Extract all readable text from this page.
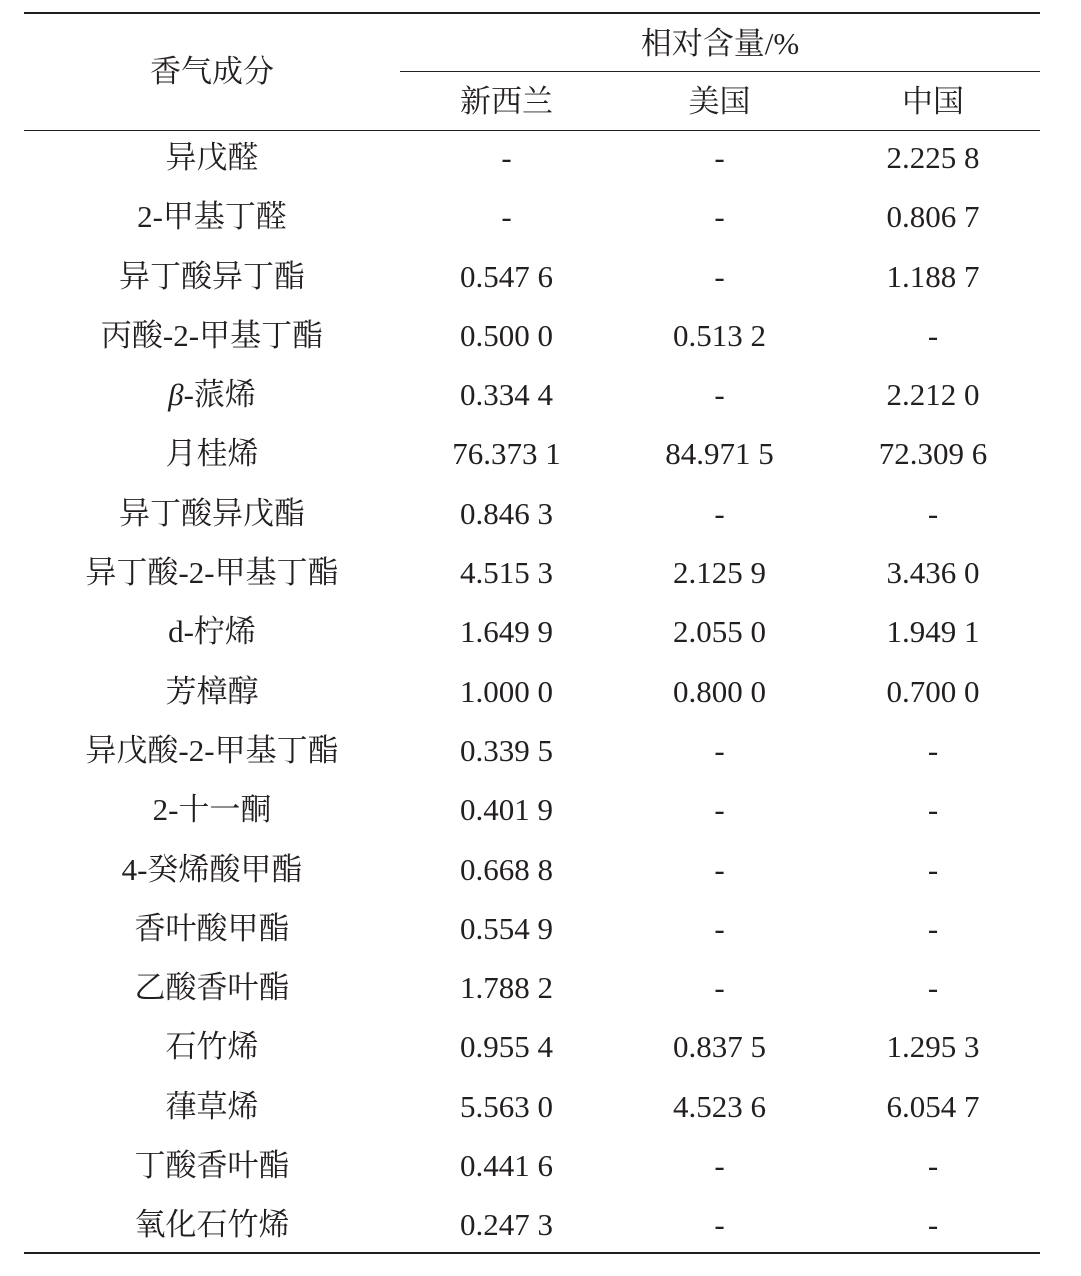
香气成分
相对含量/%
新西兰	美国	中国
异戊醛	-	-	2.225 8
2-甲基丁醛	-	-	0.806 7
异丁酸异丁酯	0.547 6	-	1.188 7
丙酸-2-甲基丁酯	0.500 0	0.513 2	-
β-蒎烯	0.334 4	-	2.212 0
月桂烯	76.373 1	84.971 5	72.309 6
异丁酸异戊酯	0.846 3	-	-
异丁酸-2-甲基丁酯	4.515 3	2.125 9	3.436 0
d-柠烯	1.649 9	2.055 0	1.949 1
芳樟醇	1.000 0	0.800 0	0.700 0
异戊酸-2-甲基丁酯	0.339 5	-	-
2-十一酮	0.401 9	-	-
4-癸烯酸甲酯	0.668 8	-	-
香叶酸甲酯	0.554 9	-	-
乙酸香叶酯	1.788 2	-	-
石竹烯	0.955 4	0.837 5	1.295 3
葎草烯	5.563 0	4.523 6	6.054 7
丁酸香叶酯	0.441 6	-	-
氧化石竹烯	0.247 3	-	-
